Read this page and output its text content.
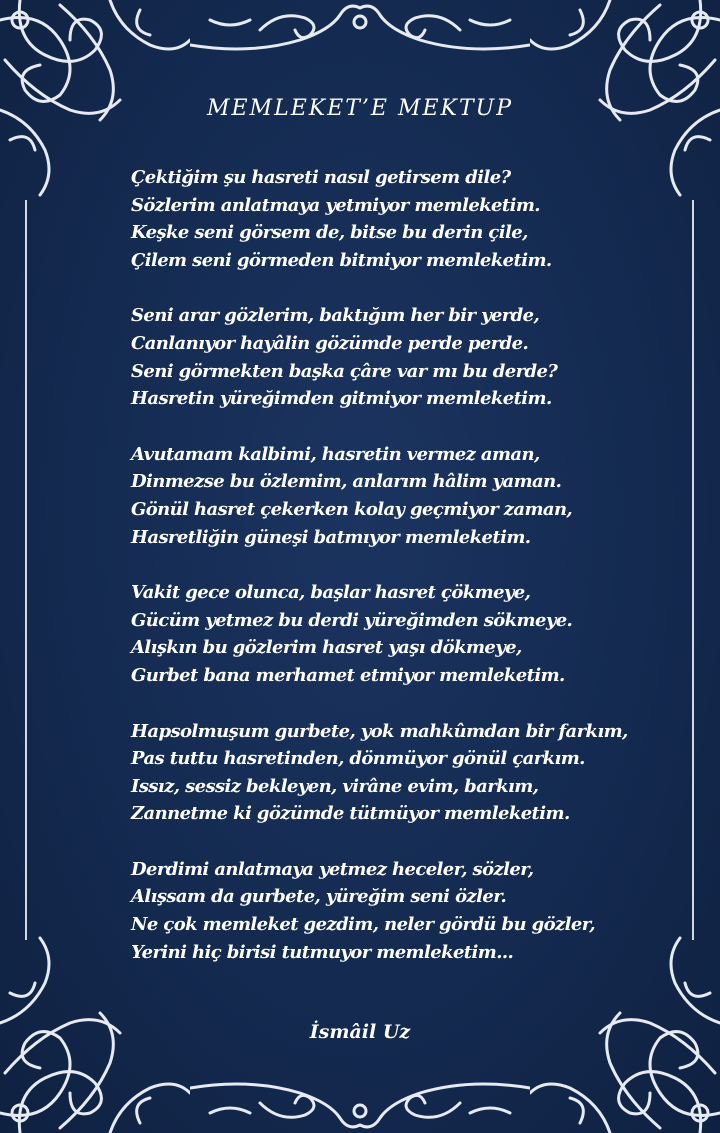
MEMLEKET’E MEKTUP
Çektiğim şu hasreti nasıl getirsem dile?
Sözlerim anlatmaya yetmiyor memleketim.
Keşke seni görsem de, bitse bu derin çile,
Çilem seni görmeden bitmiyor memleketim.
Seni arar gözlerim, baktığım her bir yerde,
Canlanıyor hayâlin gözümde perde perde.
Seni görmekten başka çâre var mı bu derde?
Hasretin yüreğimden gitmiyor memleketim.
Avutamam kalbimi, hasretin vermez aman,
Dinmezse bu özlemim, anlarım hâlim yaman.
Gönül hasret çekerken kolay geçmiyor zaman,
Hasretliğin güneşi batmıyor memleketim.
Vakit gece olunca, başlar hasret çökmeye,
Gücüm yetmez bu derdi yüreğimden sökmeye.
Alışkın bu gözlerim hasret yaşı dökmeye,
Gurbet bana merhamet etmiyor memleketim.
Hapsolmuşum gurbete, yok mahkûmdan bir farkım,
Pas tuttu hasretinden, dönmüyor gönül çarkım.
Issız, sessiz bekleyen, virâne evim, barkım,
Zannetme ki gözümde tütmüyor memleketim.
Derdimi anlatmaya yetmez heceler, sözler,
Alışsam da gurbete, yüreğim seni özler.
Ne çok memleket gezdim, neler gördü bu gözler,
Yerini hiç birisi tutmuyor memleketim...
İsmâil Uz
